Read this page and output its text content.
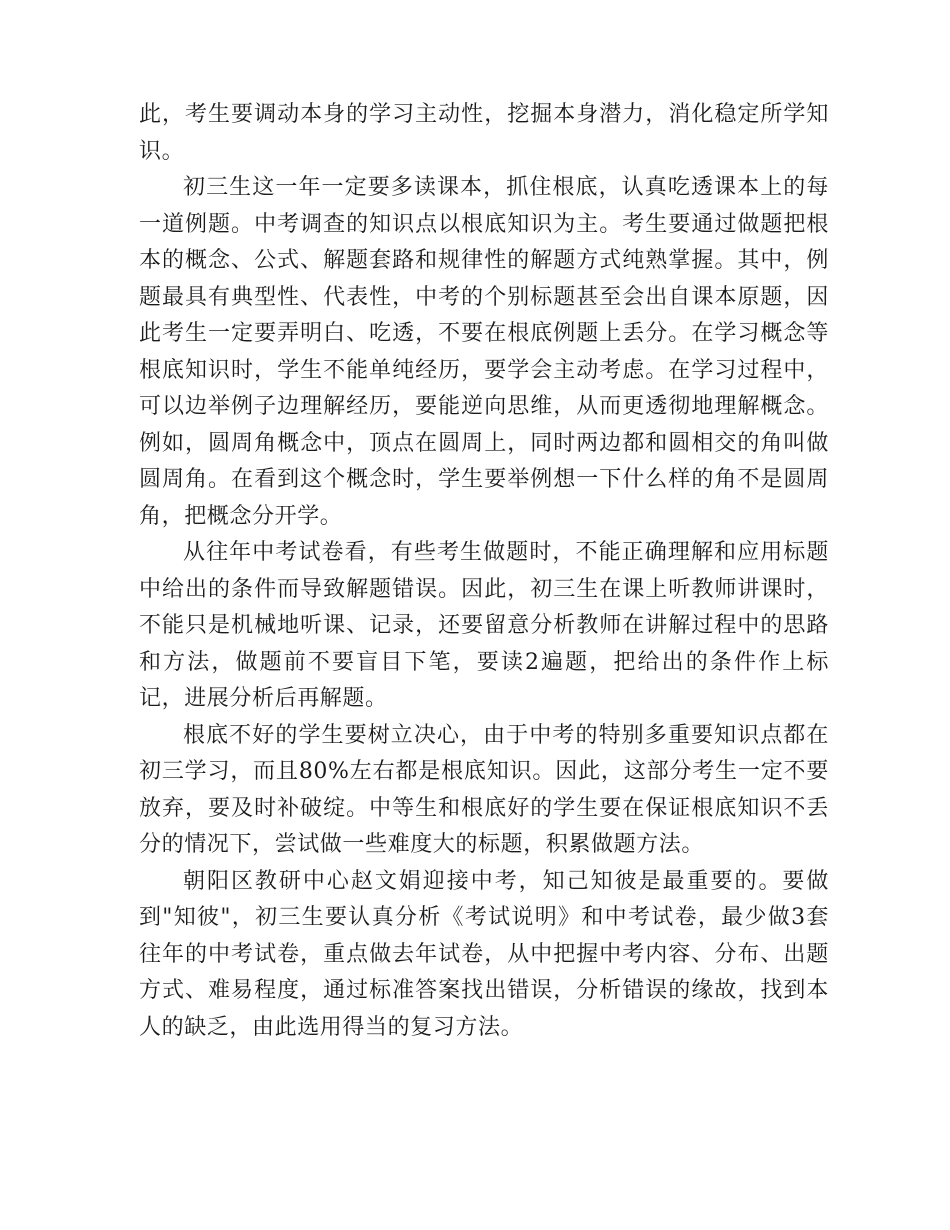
此，考生要调动本身的学习主动性，挖掘本身潜力，消化稳定所学知识。

初三生这一年一定要多读课本，抓住根底，认真吃透课本上的每一道例题。中考调查的知识点以根底知识为主。考生要通过做题把根本的概念、公式、解题套路和规律性的解题方式纯熟掌握。其中，例题最具有典型性、代表性，中考的个别标题甚至会出自课本原题，因此考生一定要弄明白、吃透，不要在根底例题上丢分。在学习概念等根底知识时，学生不能单纯经历，要学会主动考虑。在学习过程中，可以边举例子边理解经历，要能逆向思维，从而更透彻地理解概念。例如，圆周角概念中，顶点在圆周上，同时两边都和圆相交的角叫做圆周角。在看到这个概念时，学生要举例想一下什么样的角不是圆周角，把概念分开学。

从往年中考试卷看，有些考生做题时，不能正确理解和应用标题中给出的条件而导致解题错误。因此，初三生在课上听教师讲课时，不能只是机械地听课、记录，还要留意分析教师在讲解过程中的思路和方法，做题前不要盲目下笔，要读2遍题，把给出的条件作上标记，进展分析后再解题。

根底不好的学生要树立决心，由于中考的特别多重要知识点都在初三学习，而且80%左右都是根底知识。因此，这部分考生一定不要放弃，要及时补破绽。中等生和根底好的学生要在保证根底知识不丢分的情况下，尝试做一些难度大的标题，积累做题方法。

朝阳区教研中心赵文娟迎接中考，知己知彼是最重要的。要做到"知彼"，初三生要认真分析《考试说明》和中考试卷，最少做3套往年的中考试卷，重点做去年试卷，从中把握中考内容、分布、出题方式、难易程度，通过标准答案找出错误，分析错误的缘故，找到本人的缺乏，由此选用得当的复习方法。
